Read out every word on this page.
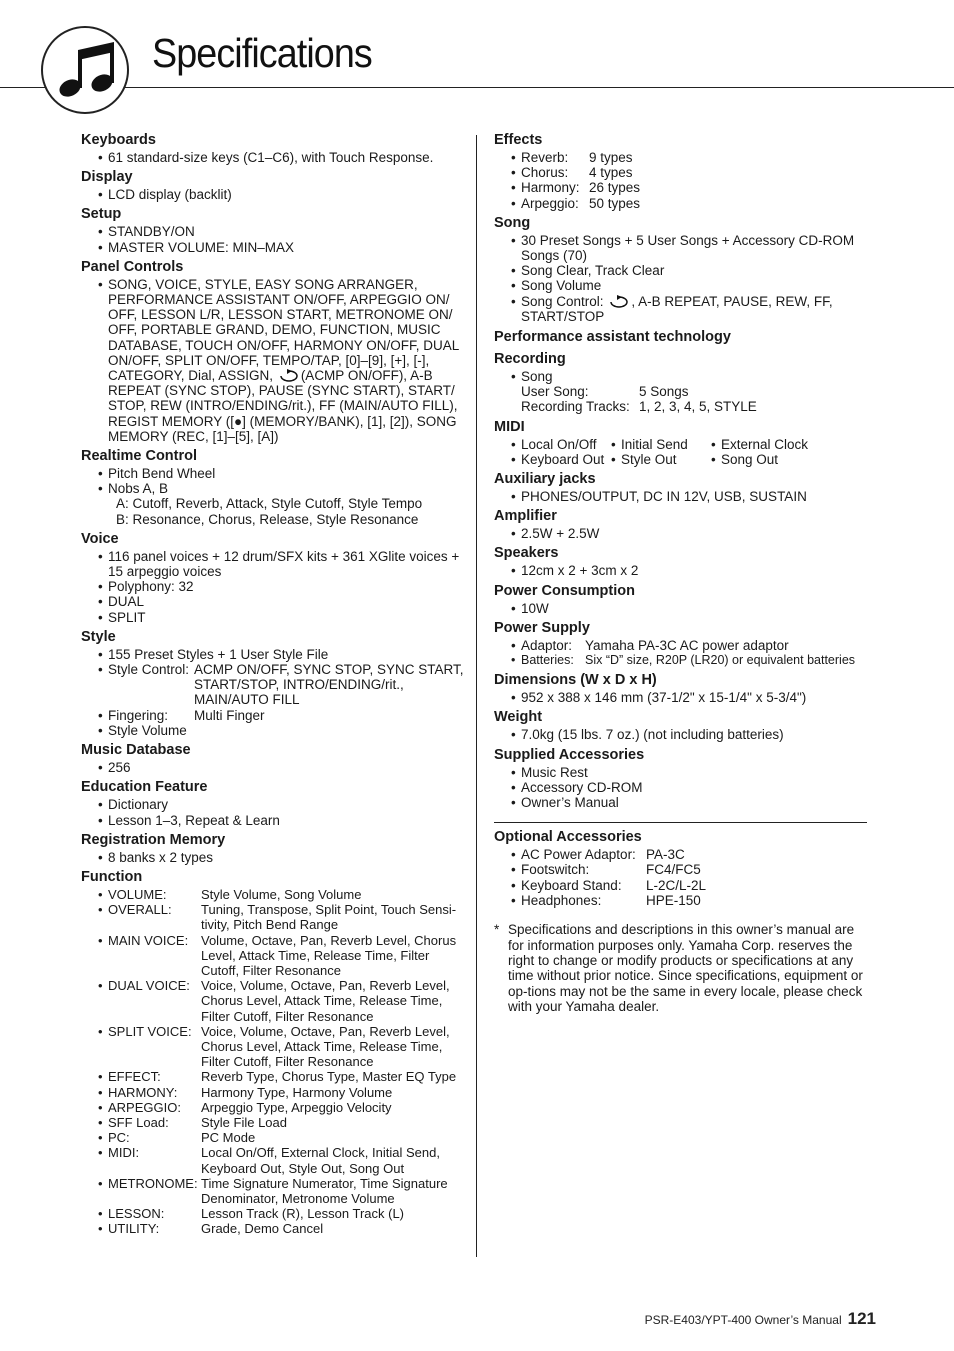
Specifications
Keyboards
• 61 standard-size keys (C1–C6), with Touch Response.
Display
• LCD display (backlit)
Setup
• STANDBY/ON
• MASTER VOLUME: MIN–MAX
Panel Controls
• SONG, VOICE, STYLE, EASY SONG ARRANGER, PERFORMANCE ASSISTANT ON/OFF, ARPEGGIO ON/ OFF, LESSON L/R, LESSON START, METRONOME ON/ OFF, PORTABLE GRAND, DEMO, FUNCTION, MUSIC DATABASE, TOUCH ON/OFF, HARMONY ON/OFF, DUAL ON/OFF, SPLIT ON/OFF, TEMPO/TAP, [0]–[9], [+], [-], CATEGORY, Dial, ASSIGN, (ACMP ON/OFF), A-B REPEAT (SYNC STOP), PAUSE (SYNC START), START/ STOP, REW (INTRO/ENDING/rit.), FF (MAIN/AUTO FILL), REGIST MEMORY ([●] (MEMORY/BANK), [1], [2]), SONG MEMORY (REC, [1]–[5], [A])
Realtime Control
• Pitch Bend Wheel
• Nobs A, B
A: Cutoff, Reverb, Attack, Style Cutoff, Style Tempo
B: Resonance, Chorus, Release, Style Resonance
Voice
• 116 panel voices + 12 drum/SFX kits + 361 XGlite voices + 15 arpeggio voices
• Polyphony: 32
• DUAL
• SPLIT
Style
• 155 Preset Styles + 1 User Style File
• Style Control: ACMP ON/OFF, SYNC STOP, SYNC START, START/STOP, INTRO/ENDING/rit., MAIN/AUTO FILL
• Fingering:	Multi Finger
• Style Volume
Music Database
• 256
Education Feature
• Dictionary
• Lesson 1–3, Repeat & Learn
Registration Memory
• 8 banks x 2 types
Function
• VOLUME:	Style Volume, Song Volume
• OVERALL:	Tuning, Transpose, Split Point, Touch Sensi-tivity, Pitch Bend Range
• MAIN VOICE: Volume, Octave, Pan, Reverb Level, Chorus Level, Attack Time, Release Time, Filter Cutoff, Filter Resonance
• DUAL VOICE: Voice, Volume, Octave, Pan, Reverb Level, Chorus Level, Attack Time, Release Time, Filter Cutoff, Filter Resonance
• SPLIT VOICE: Voice, Volume, Octave, Pan, Reverb Level, Chorus Level, Attack Time, Release Time, Filter Cutoff, Filter Resonance
• EFFECT:	Reverb Type, Chorus Type, Master EQ Type
• HARMONY:	Harmony Type, Harmony Volume
• ARPEGGIO:	Arpeggio Type, Arpeggio Velocity
• SFF Load:	Style File Load
• PC:	PC Mode
• MIDI:	Local On/Off, External Clock, Initial Send, Keyboard Out, Style Out, Song Out
• METRONOME: Time Signature Numerator, Time Signature Denominator, Metronome Volume
• LESSON:	Lesson Track (R), Lesson Track (L)
• UTILITY:	Grade, Demo Cancel
Effects
• Reverb:	9 types
• Chorus:	4 types
• Harmony: 26 types
• Arpeggio: 50 types
Song
• 30 Preset Songs + 5 User Songs + Accessory CD-ROM Songs (70)
• Song Clear, Track Clear
• Song Volume
• Song Control: , A-B REPEAT, PAUSE, REW, FF, START/STOP
Performance assistant technology
Recording
• Song
User Song:	5 Songs
Recording Tracks: 1, 2, 3, 4, 5, STYLE
MIDI
• Local On/Off	• Initial Send	• External Clock
• Keyboard Out	• Style Out	• Song Out
Auxiliary jacks
• PHONES/OUTPUT, DC IN 12V, USB, SUSTAIN
Amplifier
• 2.5W + 2.5W
Speakers
• 12cm x 2 + 3cm x 2
Power Consumption
• 10W
Power Supply
• Adaptor: Yamaha PA-3C AC power adaptor
• Batteries: Six “D” size, R20P (LR20) or equivalent batteries
Dimensions (W x D x H)
• 952 x 388 x 146 mm (37-1/2" x 15-1/4" x 5-3/4")
Weight
• 7.0kg (15 lbs. 7 oz.) (not including batteries)
Supplied Accessories
• Music Rest
• Accessory CD-ROM
• Owner’s Manual
Optional Accessories
• AC Power Adaptor: PA-3C
• Footswitch:	FC4/FC5
• Keyboard Stand:	L-2C/L-2L
• Headphones:	HPE-150
* Specifications and descriptions in this owner’s manual are for information purposes only. Yamaha Corp. reserves the right to change or modify products or specifications at any time without prior notice. Since specifications, equipment or op-tions may not be the same in every locale, please check with your Yamaha dealer.
PSR-E403/YPT-400 Owner’s Manual 121
